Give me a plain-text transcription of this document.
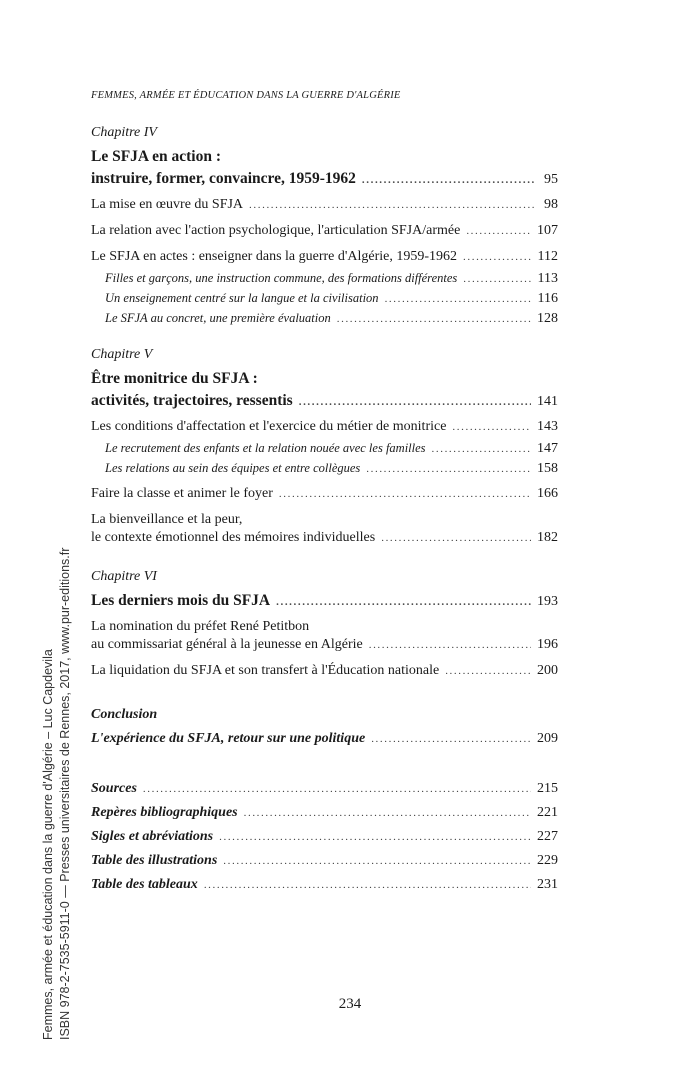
FEMMES, ARMÉE ET ÉDUCATION DANS LA GUERRE D'ALGÉRIE
Chapitre IV
Le SFJA en action :
instruire, former, convaincre, 1959-1962 .....	95
La mise en œuvre du SFJA .....	98
La relation avec l'action psychologique, l'articulation SFJA/armée .....	107
Le SFJA en actes : enseigner dans la guerre d'Algérie, 1959-1962 .....	112
Filles et garçons, une instruction commune, des formations différentes .....	113
Un enseignement centré sur la langue et la civilisation .....	116
Le SFJA au concret, une première évaluation .....	128
Chapitre V
Être monitrice du SFJA :
activités, trajectoires, ressentis .....	141
Les conditions d'affectation et l'exercice du métier de monitrice .....	143
Le recrutement des enfants et la relation nouée avec les familles .....	147
Les relations au sein des équipes et entre collègues .....	158
Faire la classe et animer le foyer .....	166
La bienveillance et la peur,
le contexte émotionnel des mémoires individuelles .....	182
Chapitre VI
Les derniers mois du SFJA .....	193
La nomination du préfet René Petitbon
au commissariat général à la jeunesse en Algérie .....	196
La liquidation du SFJA et son transfert à l'Éducation nationale .....	200
Conclusion
L'expérience du SFJA, retour sur une politique .....	209
Sources .....	215
Repères bibliographiques .....	221
Sigles et abréviations .....	227
Table des illustrations .....	229
Table des tableaux .....	231
234
Femmes, armée et éducation dans la guerre d'Algérie – Luc Capdevila ISBN 978-2-7535-5911-0 — Presses universitaires de Rennes, 2017, www.pur-editions.fr
